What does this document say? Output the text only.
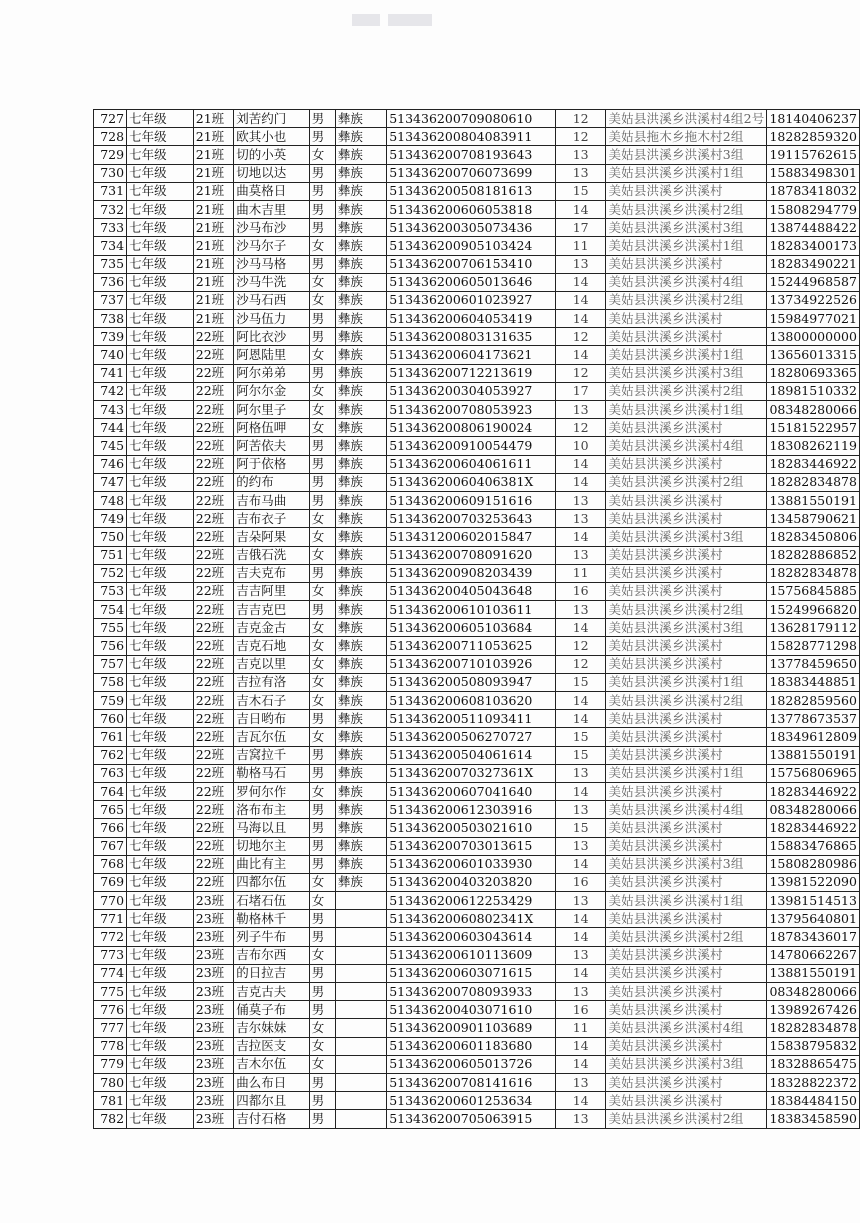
727	七年级	21班	刘苦约门	男	彝族	513436200709080610	12	美姑县洪溪乡洪溪村4组2号	18140406237
728	七年级	21班	欧其小也	男	彝族	513436200804083911	12	美姑县拖木乡拖木村2组	18282859320
729	七年级	21班	切的小英	女	彝族	513436200708193643	13	美姑县洪溪乡洪溪村3组	19115762615
730	七年级	21班	切地以达	男	彝族	513436200706073699	13	美姑县洪溪乡洪溪村1组	15883498301
731	七年级	21班	曲莫格日	男	彝族	513436200508181613	15	美姑县洪溪乡洪溪村	18783418032
732	七年级	21班	曲木吉里	男	彝族	513436200606053818	14	美姑县洪溪乡洪溪村2组	15808294779
733	七年级	21班	沙马布沙	男	彝族	513436200305073436	17	美姑县洪溪乡洪溪村3组	13874488422
734	七年级	21班	沙马尔子	女	彝族	513436200905103424	11	美姑县洪溪乡洪溪村1组	18283400173
735	七年级	21班	沙马马格	男	彝族	513436200706153410	13	美姑县洪溪乡洪溪村	18283490221
736	七年级	21班	沙马牛洗	女	彝族	513436200605013646	14	美姑县洪溪乡洪溪村4组	15244968587
737	七年级	21班	沙马石西	女	彝族	513436200601023927	14	美姑县洪溪乡洪溪村2组	13734922526
738	七年级	21班	沙马伍力	男	彝族	513436200604053419	14	美姑县洪溪乡洪溪村	15984977021
739	七年级	22班	阿比衣沙	男	彝族	513436200803131635	12	美姑县洪溪乡洪溪村	13800000000
740	七年级	22班	阿恩陆里	女	彝族	513436200604173621	14	美姑县洪溪乡洪溪村1组	13656013315
741	七年级	22班	阿尔弟弟	男	彝族	513436200712213619	12	美姑县洪溪乡洪溪村3组	18280693365
742	七年级	22班	阿尔尔金	女	彝族	513436200304053927	17	美姑县洪溪乡洪溪村2组	18981510332
743	七年级	22班	阿尔里子	女	彝族	513436200708053923	13	美姑县洪溪乡洪溪村1组	08348280066
744	七年级	22班	阿格伍呷	女	彝族	513436200806190024	12	美姑县洪溪乡洪溪村	15181522957
745	七年级	22班	阿苦依夫	男	彝族	513436200910054479	10	美姑县洪溪乡洪溪村4组	18308262119
746	七年级	22班	阿于依格	男	彝族	513436200604061611	14	美姑县洪溪乡洪溪村	18283446922
747	七年级	22班	的约布	男	彝族	51343620060406381X	14	美姑县洪溪乡洪溪村2组	18282834878
748	七年级	22班	吉布马曲	男	彝族	513436200609151616	13	美姑县洪溪乡洪溪村	13881550191
749	七年级	22班	吉布衣子	女	彝族	513436200703253643	13	美姑县洪溪乡洪溪村	13458790621
750	七年级	22班	吉朵阿果	女	彝族	513431200602015847	14	美姑县洪溪乡洪溪村3组	18283450806
751	七年级	22班	吉俄石洗	女	彝族	513436200708091620	13	美姑县洪溪乡洪溪村	18282886852
752	七年级	22班	吉夫克布	男	彝族	513436200908203439	11	美姑县洪溪乡洪溪村	18282834878
753	七年级	22班	吉吉阿里	女	彝族	513436200405043648	16	美姑县洪溪乡洪溪村	15756845885
754	七年级	22班	吉吉克巴	男	彝族	513436200610103611	13	美姑县洪溪乡洪溪村2组	15249966820
755	七年级	22班	吉克金古	女	彝族	513436200605103684	14	美姑县洪溪乡洪溪村3组	13628179112
756	七年级	22班	吉克石地	女	彝族	513436200711053625	12	美姑县洪溪乡洪溪村	15828771298
757	七年级	22班	吉克以里	女	彝族	513436200710103926	12	美姑县洪溪乡洪溪村	13778459650
758	七年级	22班	吉拉有洛	女	彝族	513436200508093947	15	美姑县洪溪乡洪溪村1组	18383448851
759	七年级	22班	吉木石子	女	彝族	513436200608103620	14	美姑县洪溪乡洪溪村2组	18282859560
760	七年级	22班	吉日哟布	男	彝族	513436200511093411	14	美姑县洪溪乡洪溪村	13778673537
761	七年级	22班	吉瓦尔伍	女	彝族	513436200506270727	15	美姑县洪溪乡洪溪村	18349612809
762	七年级	22班	吉窝拉千	男	彝族	513436200504061614	15	美姑县洪溪乡洪溪村	13881550191
763	七年级	22班	勒格马石	男	彝族	51343620070327361X	13	美姑县洪溪乡洪溪村1组	15756806965
764	七年级	22班	罗何尔作	女	彝族	513436200607041640	14	美姑县洪溪乡洪溪村	18283446922
765	七年级	22班	洛布布主	男	彝族	513436200612303916	13	美姑县洪溪乡洪溪村4组	08348280066
766	七年级	22班	马海以且	男	彝族	513436200503021610	15	美姑县洪溪乡洪溪村	18283446922
767	七年级	22班	切地尔主	男	彝族	513436200703013615	13	美姑县洪溪乡洪溪村	15883476865
768	七年级	22班	曲比有主	男	彝族	513436200601033930	14	美姑县洪溪乡洪溪村3组	15808280986
769	七年级	22班	四都尔伍	女	彝族	513436200403203820	16	美姑县洪溪乡洪溪村	13981522090
770	七年级	23班	石堵石伍	女		513436200612253429	13	美姑县洪溪乡洪溪村1组	13981514513
771	七年级	23班	勒格林千	男		51343620060802341X	14	美姑县洪溪乡洪溪村	13795640801
772	七年级	23班	列子牛布	男		513436200603043614	14	美姑县洪溪乡洪溪村2组	18783436017
773	七年级	23班	吉布尔西	女		513436200610113609	13	美姑县洪溪乡洪溪村	14780662267
774	七年级	23班	的日拉吉	男		513436200603071615	14	美姑县洪溪乡洪溪村	13881550191
775	七年级	23班	吉克古夫	男		513436200708093933	13	美姑县洪溪乡洪溪村	08348280066
776	七年级	23班	俑莫子布	男		513436200403071610	16	美姑县洪溪乡洪溪村	13989267426
777	七年级	23班	吉尔妹妹	女		513436200901103689	11	美姑县洪溪乡洪溪村4组	18282834878
778	七年级	23班	吉拉医支	女		513436200601183680	14	美姑县洪溪乡洪溪村	15838795832
779	七年级	23班	吉木尔伍	女		513436200605013726	14	美姑县洪溪乡洪溪村3组	18328865475
780	七年级	23班	曲么布日	男		513436200708141616	13	美姑县洪溪乡洪溪村	18328822372
781	七年级	23班	四都尔且	男		513436200601253634	14	美姑县洪溪乡洪溪村	18384484150
782	七年级	23班	吉付石格	男		513436200705063915	13	美姑县洪溪乡洪溪村2组	18383458590
